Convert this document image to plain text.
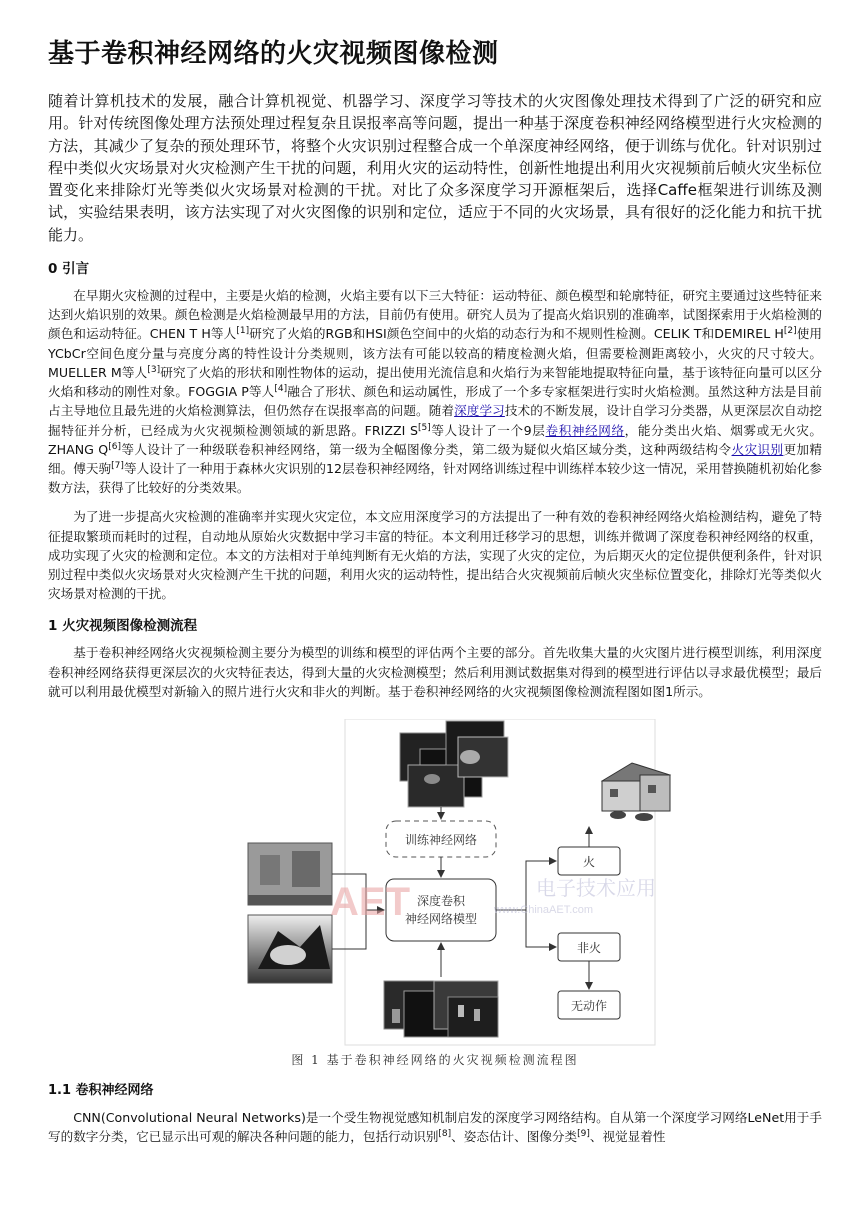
基于卷积神经网络的火灾视频图像检测
随着计算机技术的发展，融合计算机视觉、机器学习、深度学习等技术的火灾图像处理技术得到了广泛的研究和应用。针对传统图像处理方法预处理过程复杂且误报率高等问题，提出一种基于深度卷积神经网络模型进行火灾检测的方法，其减少了复杂的预处理环节，将整个火灾识别过程整合成一个单深度神经网络，便于训练与优化。针对识别过程中类似火灾场景对火灾检测产生干扰的问题，利用火灾的运动特性，创新性地提出利用火灾视频前后帧火灾坐标位置变化来排除灯光等类似火灾场景对检测的干扰。对比了众多深度学习开源框架后，选择Caffe框架进行训练及测试，实验结果表明，该方法实现了对火灾图像的识别和定位，适应于不同的火灾场景，具有很好的泛化能力和抗干扰能力。
0 引言

在早期火灾检测的过程中，主要是火焰的检测，火焰主要有以下三大特征：运动特征、颜色模型和轮廓特征，研究主要通过这些特征来达到火焰识别的效果。颜色检测是火焰检测最早用的方法，目前仍有使用。研究人员为了提高火焰识别的准确率，试图探索用于火焰检测的颜色和运动特征。CHEN T H等人[1]研究了火焰的RGB和HSI颜色空间中的火焰的动态行为和不规则性检测。CELIK T和DEMIREL H[2]使用YCbCr空间色度分量与亮度分离的特性设计分类规则，该方法有可能以较高的精度检测火焰，但需要检测距离较小，火灾的尺寸较大。MUELLER M等人[3]研究了火焰的形状和刚性物体的运动，提出使用光流信息和火焰行为来智能地提取特征向量，基于该特征向量可以区分火焰和移动的刚性对象。FOGGIA P等人[4]融合了形状、颜色和运动属性，形成了一个多专家框架进行实时火焰检测。虽然这种方法是目前占主导地位且最先进的火焰检测算法，但仍然存在误报率高的问题。随着深度学习技术的不断发展，设计自学习分类器，从更深层次自动挖掘特征并分析，已经成为火灾视频检测领域的新思路。FRIZZI S[5]等人设计了一个9层卷积神经网络，能分类出火焰、烟雾或无火灾。ZHANG Q[6]等人设计了一种级联卷积神经网络，第一级为全幅图像分类，第二级为疑似火焰区域分类，这种两级结构令火灾识别更加精细。傅天驹[7]等人设计了一种用于森林火灾识别的12层卷积神经网络，针对网络训练过程中训练样本较少这一情况，采用替换随机初始化参数方法，获得了比较好的分类效果。

为了进一步提高火灾检测的准确率并实现火灾定位，本文应用深度学习的方法提出了一种有效的卷积神经网络火焰检测结构，避免了特征提取繁琐而耗时的过程，自动地从原始火灾数据中学习丰富的特征。本文利用迁移学习的思想，训练并微调了深度卷积神经网络的权重，成功实现了火灾的检测和定位。本文的方法相对于单纯判断有无火焰的方法，实现了火灾的定位，为后期灭火的定位提供便利条件，针对识别过程中类似火灾场景对火灾检测产生干扰的问题，利用火灾的运动特性，提出结合火灾视频前后帧火灾坐标位置变化，排除灯光等类似火灾场景对检测的干扰。

1 火灾视频图像检测流程

基于卷积神经网络火灾视频检测主要分为模型的训练和模型的评估两个主要的部分。首先收集大量的火灾图片进行模型训练，利用深度卷积神经网络获得更深层次的火灾特征表达，得到大量的火灾检测模型；然后利用测试数据集对得到的模型进行评估以寻求最优模型；最后就可以利用最优模型对新输入的照片进行火灾和非火的判断。基于卷积神经网络的火灾视频图像检测流程图如图1所示。

训练神经网络
深度卷积
神经网络模型
火
非火
无动作
AET	电子技术应用
www.ChinaAET.com
图 1 基于卷积神经网络的火灾视频检测流程图
1.1 卷积神经网络

CNN(Convolutional Neural Networks)是一个受生物视觉感知机制启发的深度学习网络结构。自从第一个深度学习网络LeNet用于手写的数字分类，它已显示出可观的解决各种问题的能力，包括行动识别[8]、姿态估计、图像分类[9]、视觉显着性
